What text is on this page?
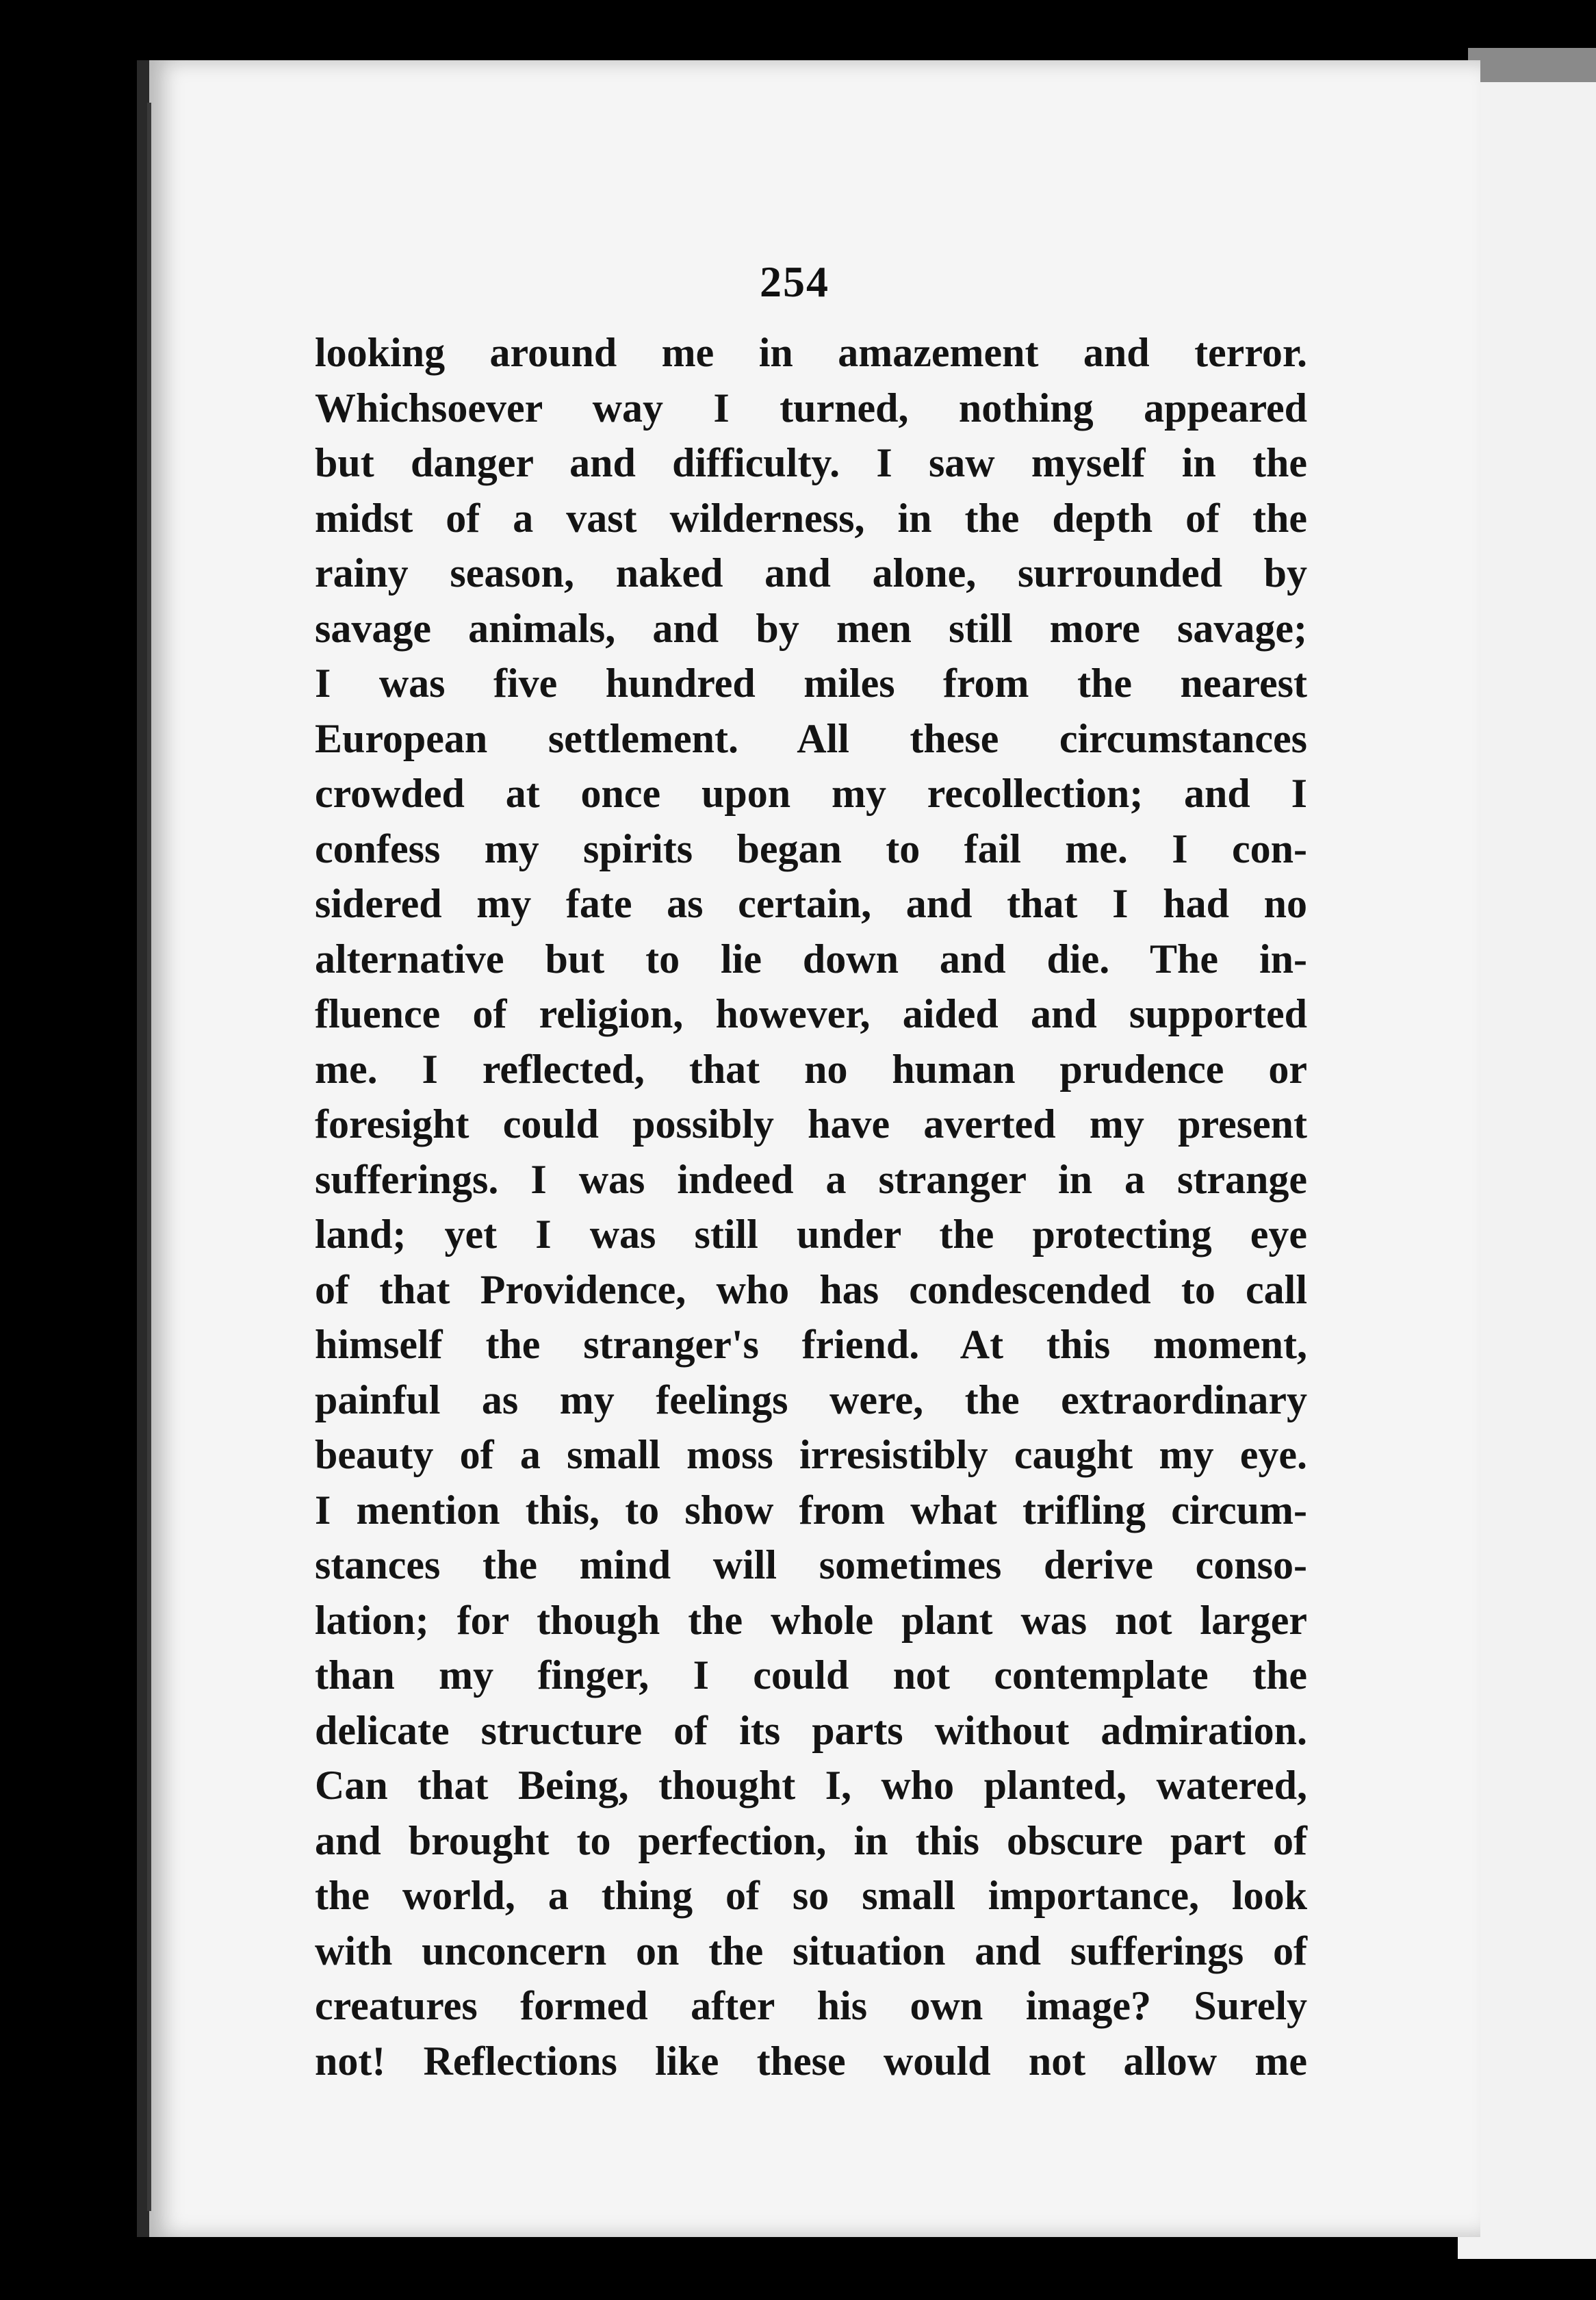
254
looking around me in amazement and terror.
Whichsoever way I turned, nothing appeared
but danger and difficulty. I saw myself in the
midst of a vast wilderness, in the depth of the
rainy season, naked and alone, surrounded by
savage animals, and by men still more savage;
I was five hundred miles from the nearest
European settlement. All these circumstances
crowded at once upon my recollection; and I
confess my spirits began to fail me. I con-
sidered my fate as certain, and that I had no
alternative but to lie down and die. The in-
fluence of religion, however, aided and supported
me. I reflected, that no human prudence or
foresight could possibly have averted my present
sufferings. I was indeed a stranger in a strange
land; yet I was still under the protecting eye
of that Providence, who has condescended to call
himself the stranger's friend. At this moment,
painful as my feelings were, the extraordinary
beauty of a small moss irresistibly caught my eye.
I mention this, to show from what trifling circum-
stances the mind will sometimes derive conso-
lation; for though the whole plant was not larger
than my finger, I could not contemplate the
delicate structure of its parts without admiration.
Can that Being, thought I, who planted, watered,
and brought to perfection, in this obscure part of
the world, a thing of so small importance, look
with unconcern on the situation and sufferings of
creatures formed after his own image? Surely
not! Reflections like these would not allow me
